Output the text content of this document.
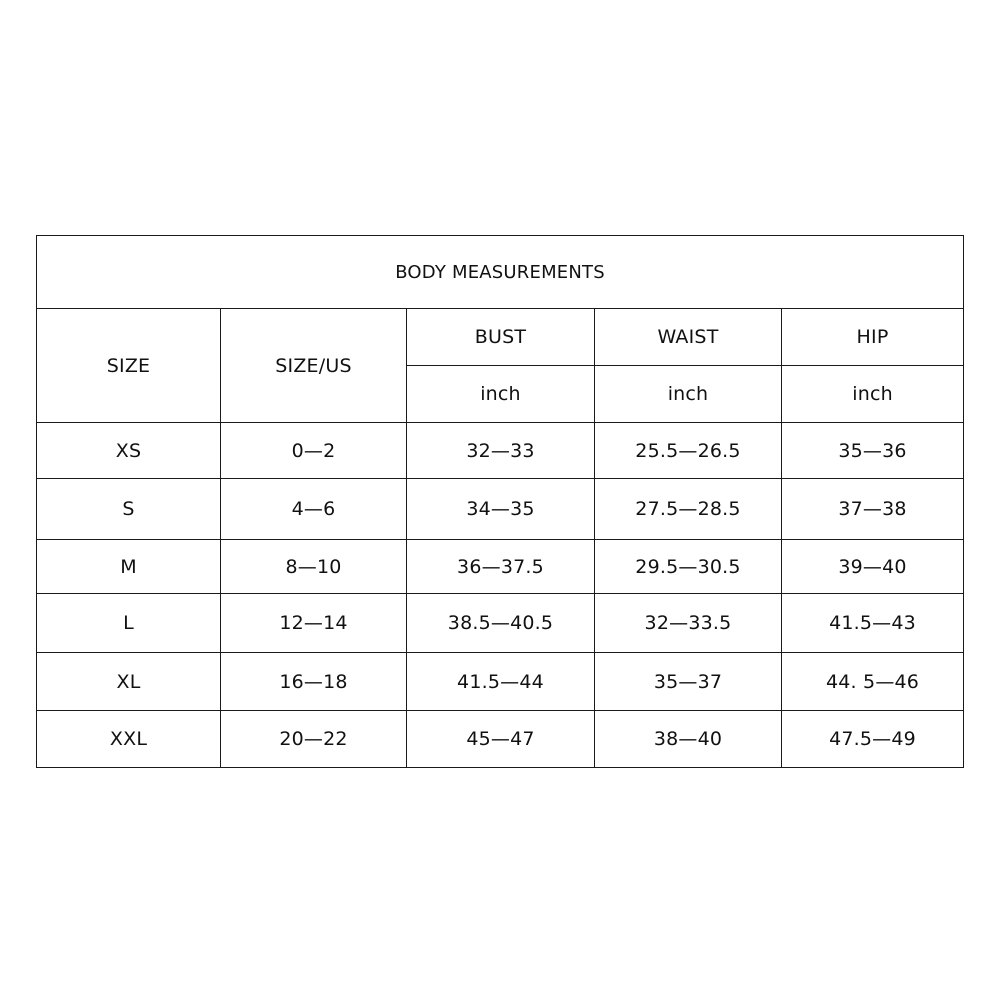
BODY MEASUREMENTS				
SIZE	SIZE/US	BUST	WAIST	HIP
		inch	inch	inch
XS	0—2	32—33	25.5—26.5	35—36
S	4—6	34—35	27.5—28.5	37—38
M	8—10	36—37.5	29.5—30.5	39—40
L	12—14	38.5—40.5	32—33.5	41.5—43
XL	16—18	41.5—44	35—37	44. 5—46
XXL	20—22	45—47	38—40	47.5—49
